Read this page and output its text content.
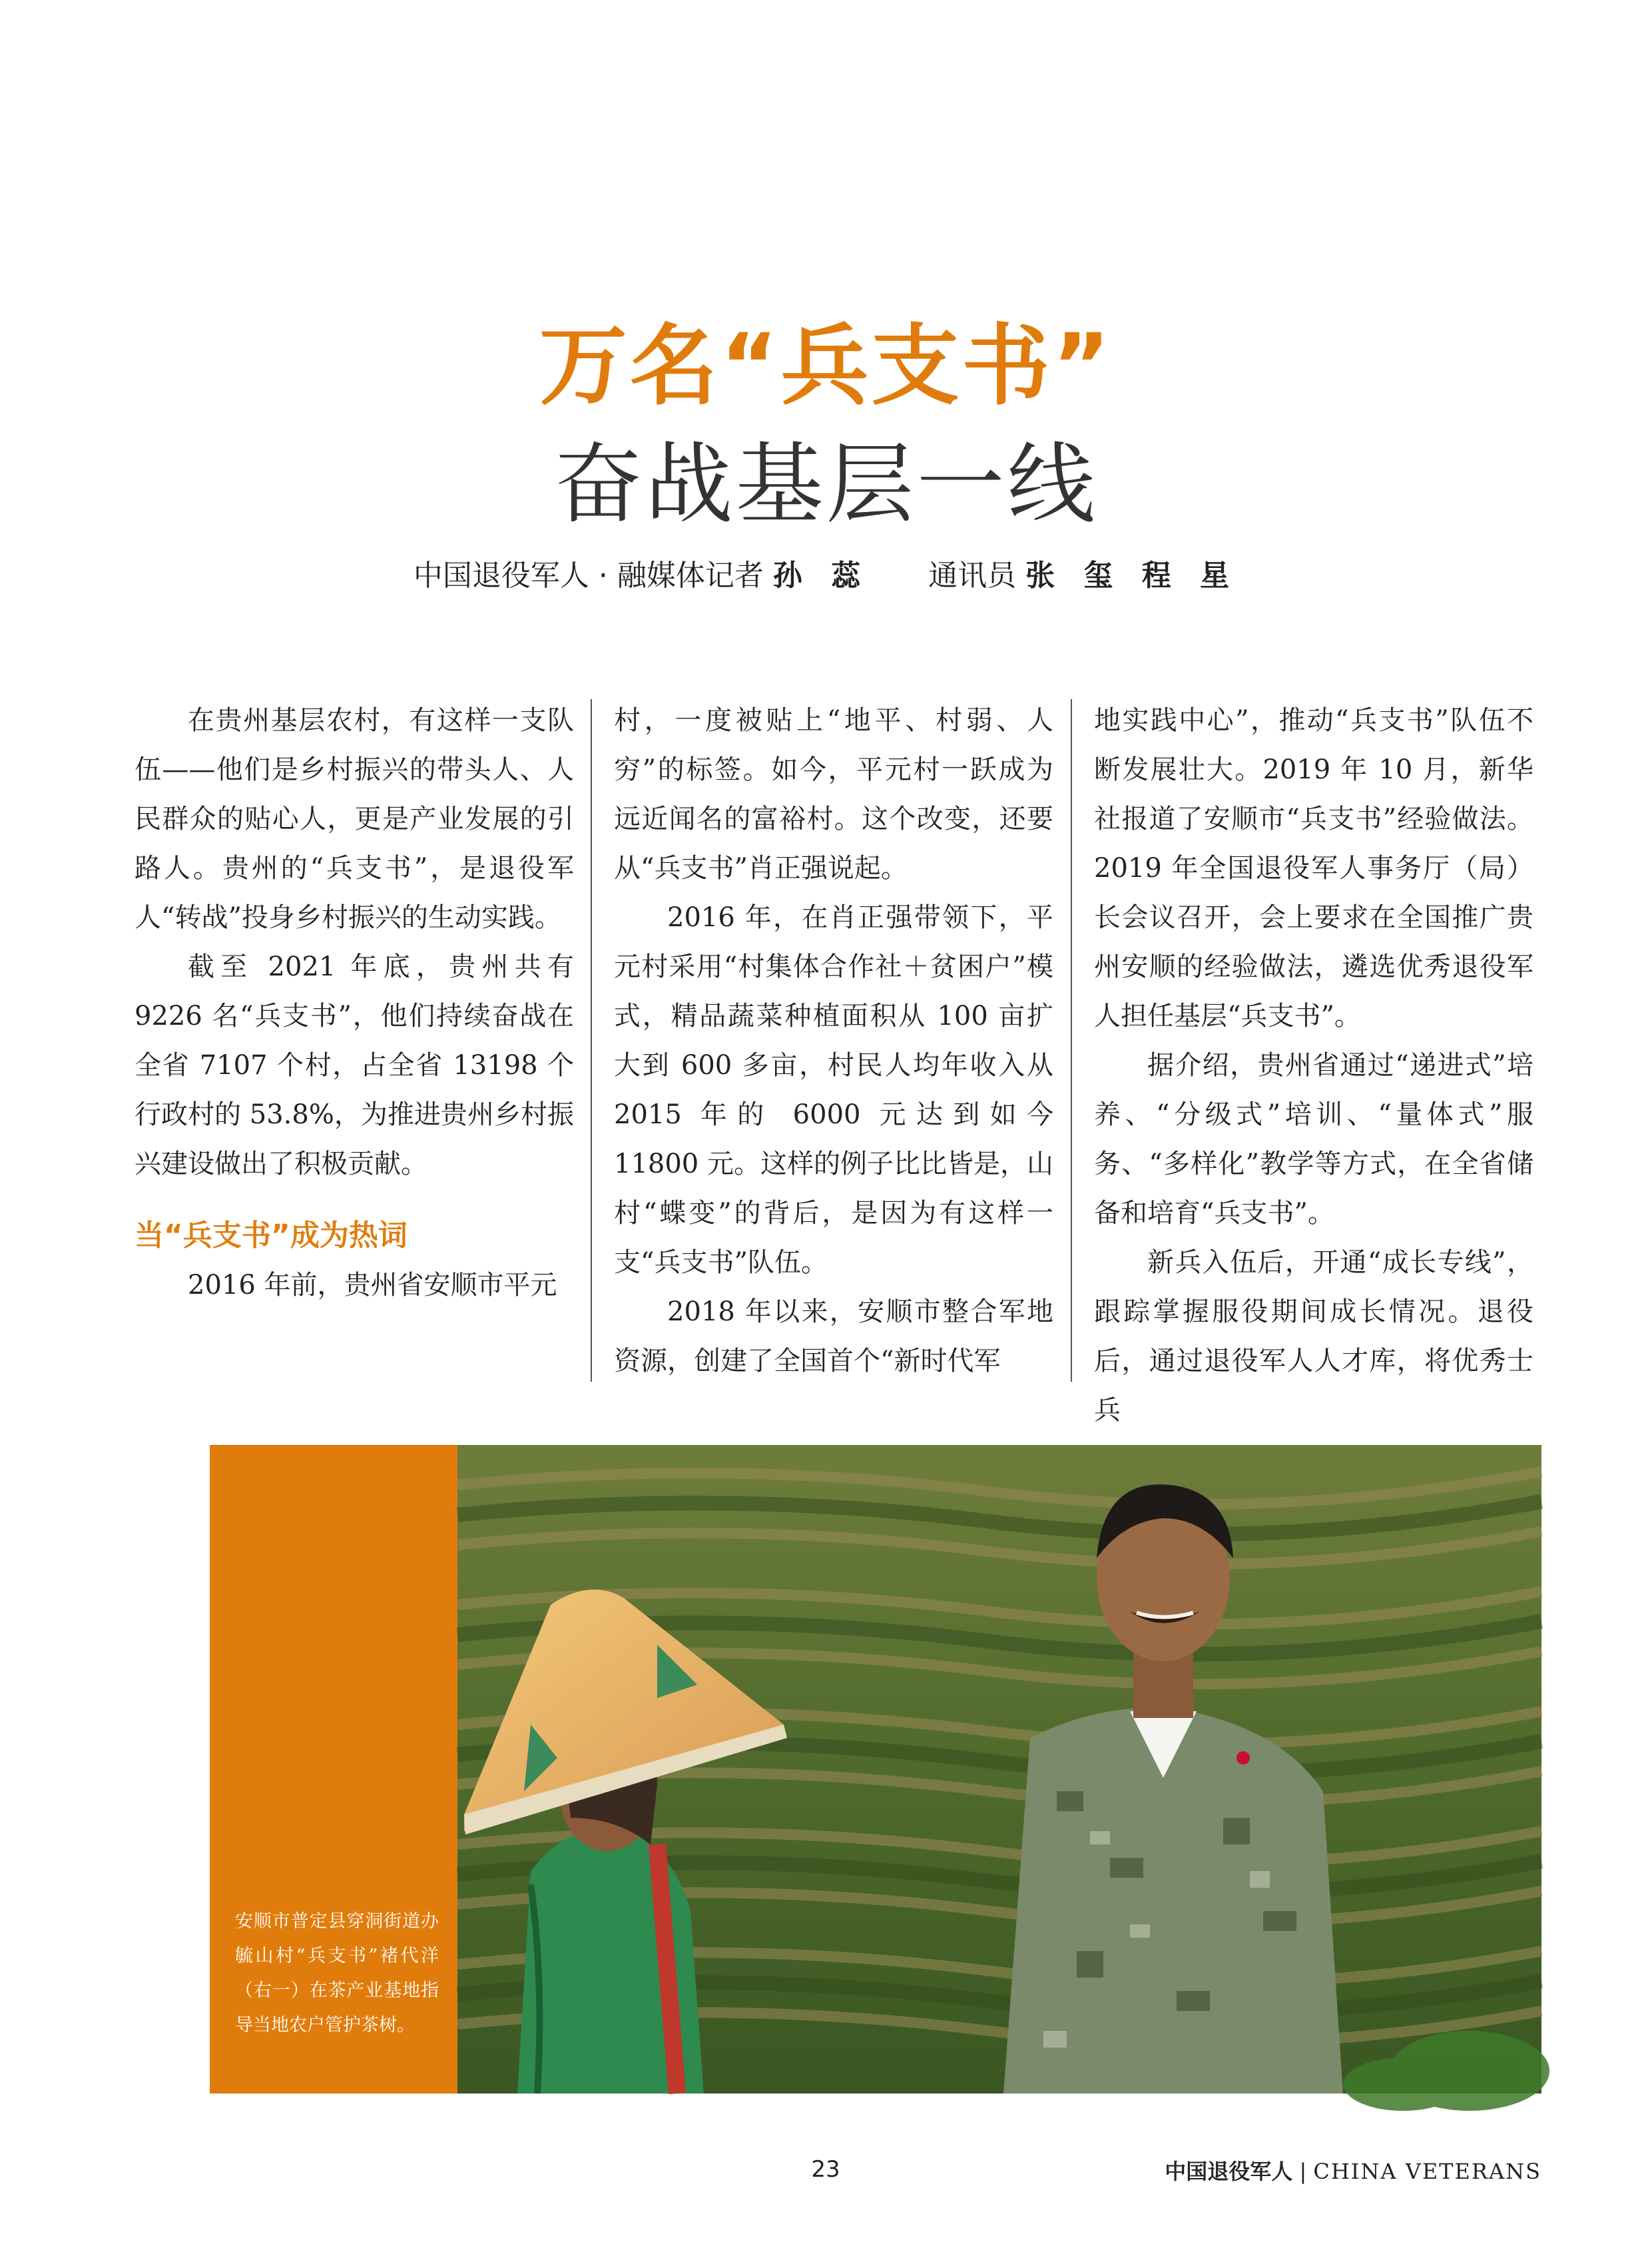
万名“兵支书”
奋战基层一线
中国退役军人 · 融媒体记者 孙 蕊 通讯员 张 玺 程 星

在贵州基层农村，有这样一支队伍——他们是乡村振兴的带头人、人民群众的贴心人，更是产业发展的引路人。贵州的“兵支书”，是退役军人“转战”投身乡村振兴的生动实践。

截至 2021 年底，贵州共有 9226 名“兵支书”，他们持续奋战在全省 7107 个村，占全省 13198 个行政村的 53.8%，为推进贵州乡村振兴建设做出了积极贡献。

当“兵支书”成为热词

2016 年前，贵州省安顺市平元

村，一度被贴上“地平、村弱、人穷”的标签。如今，平元村一跃成为远近闻名的富裕村。这个改变，还要从“兵支书”肖正强说起。

2016 年，在肖正强带领下，平元村采用“村集体合作社＋贫困户”模式，精品蔬菜种植面积从 100 亩扩大到 600 多亩，村民人均年收入从 2015 年的 6000 元达到如今 11800 元。这样的例子比比皆是，山村“蝶变”的背后，是因为有这样一支“兵支书”队伍。

2018 年以来，安顺市整合军地资源，创建了全国首个“新时代军

地实践中心”，推动“兵支书”队伍不断发展壮大。2019 年 10 月，新华社报道了安顺市“兵支书”经验做法。2019 年全国退役军人事务厅（局）长会议召开，会上要求在全国推广贵州安顺的经验做法，遴选优秀退役军人担任基层“兵支书”。

据介绍，贵州省通过“递进式”培养、“分级式”培训、“量体式”服务、“多样化”教学等方式，在全省储备和培育“兵支书”。

新兵入伍后，开通“成长专线”，跟踪掌握服役期间成长情况。退役后，通过退役军人人才库，将优秀士兵

安顺市普定县穿洞街道办毓山村“兵支书”褚代洋（右一）在茶产业基地指导当地农户管护茶树。
23	中国退役军人 | CHINA VETERANS
